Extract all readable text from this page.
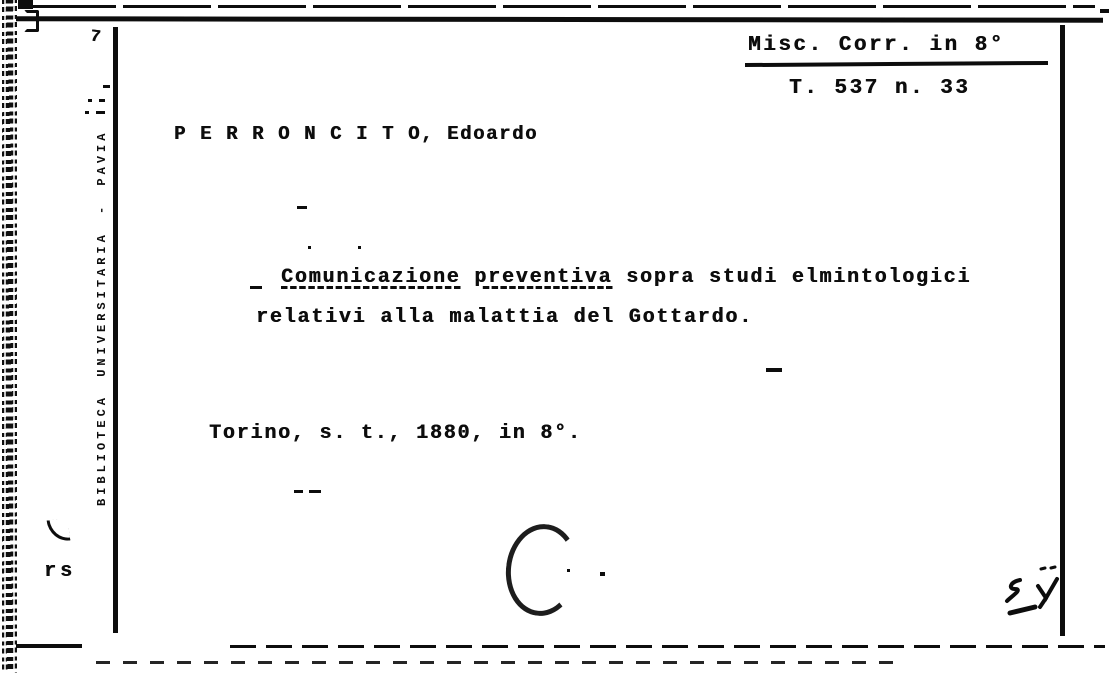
Misc. Corr. in 8°
T. 537 n. 33
P E R R O N C I T O, Edoardo
Comunicazione preventiva sopra studi elmintologici
relativi alla malattia del Gottardo.
Torino, s. t., 1880, in 8°.
BIBLIOTECA UNIVERSITARIA - PAVIA
7
rs
